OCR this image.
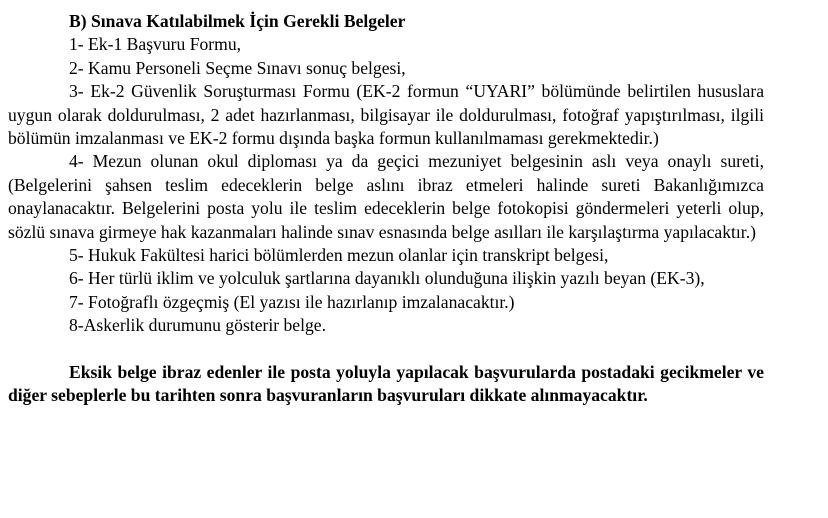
B) Sınava Katılabilmek İçin Gerekli Belgeler

1- Ek-1 Başvuru Formu,

2- Kamu Personeli Seçme Sınavı sonuç belgesi,

3- Ek-2 Güvenlik Soruşturması Formu (EK-2 formun “UYARI” bölümünde belirtilen hususlara uygun olarak doldurulması, 2 adet hazırlanması, bilgisayar ile doldurulması, fotoğraf yapıştırılması, ilgili bölümün imzalanması ve EK-2 formu dışında başka formun kullanılmaması gerekmektedir.)

4- Mezun olunan okul diploması ya da geçici mezuniyet belgesinin aslı veya onaylı sureti, (Belgelerini şahsen teslim edeceklerin belge aslını ibraz etmeleri halinde sureti Bakanlığımızca onaylanacaktır. Belgelerini posta yolu ile teslim edeceklerin belge fotokopisi göndermeleri yeterli olup, sözlü sınava girmeye hak kazanmaları halinde sınav esnasında belge asılları ile karşılaştırma yapılacaktır.)

5- Hukuk Fakültesi harici bölümlerden mezun olanlar için transkript belgesi,

6- Her türlü iklim ve yolculuk şartlarına dayanıklı olunduğuna ilişkin yazılı beyan (EK-3),

7- Fotoğraflı özgeçmiş (El yazısı ile hazırlanıp imzalanacaktır.)

8-Askerlik durumunu gösterir belge.

Eksik belge ibraz edenler ile posta yoluyla yapılacak başvurularda postadaki gecikmeler ve diğer sebeplerle bu tarihten sonra başvuranların başvuruları dikkate alınmayacaktır.
